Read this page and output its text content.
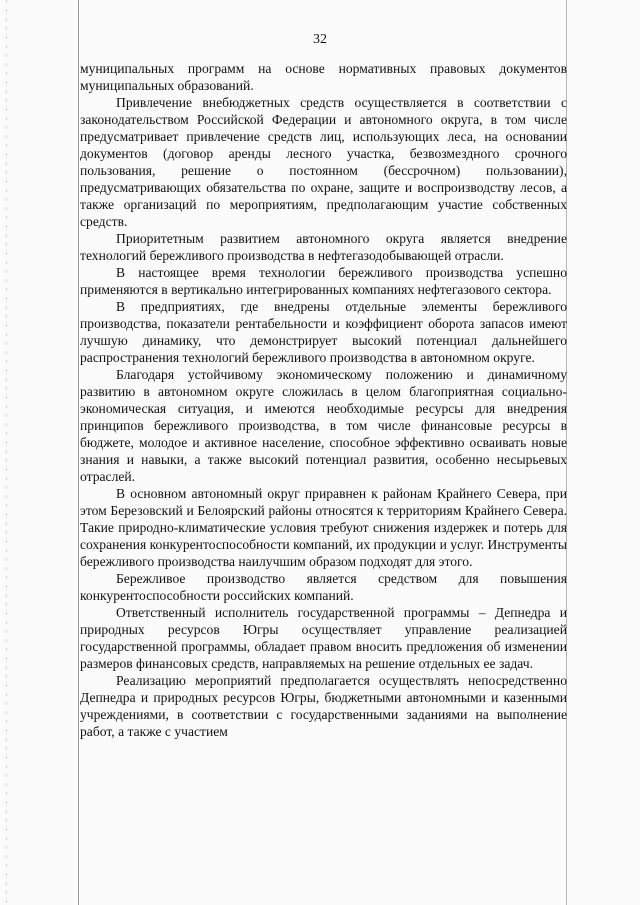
32

муниципальных программ на основе нормативных правовых документов муниципальных образований.

Привлечение внебюджетных средств осуществляется в соответствии с законодательством Российской Федерации и автономного округа, в том числе предусматривает привлечение средств лиц, использующих леса, на основании документов (договор аренды лесного участка, безвозмездного срочного пользования, решение о постоянном (бессрочном) пользовании), предусматривающих обязательства по охране, защите и воспроизводству лесов, а также организаций по мероприятиям, предполагающим участие собственных средств.

Приоритетным развитием автономного округа является внедрение технологий бережливого производства в нефтегазодобывающей отрасли.

В настоящее время технологии бережливого производства успешно применяются в вертикально интегрированных компаниях нефтегазового сектора.

В предприятиях, где внедрены отдельные элементы бережливого производства, показатели рентабельности и коэффициент оборота запасов имеют лучшую динамику, что демонстрирует высокий потенциал дальнейшего распространения технологий бережливого производства в автономном округе.

Благодаря устойчивому экономическому положению и динамичному развитию в автономном округе сложилась в целом благоприятная социально-экономическая ситуация, и имеются необходимые ресурсы для внедрения принципов бережливого производства, в том числе финансовые ресурсы в бюджете, молодое и активное население, способное эффективно осваивать новые знания и навыки, а также высокий потенциал развития, особенно несырьевых отраслей.

В основном автономный округ приравнен к районам Крайнего Севера, при этом Березовский и Белоярский районы относятся к территориям Крайнего Севера. Такие природно-климатические условия требуют снижения издержек и потерь для сохранения конкурентоспособности компаний, их продукции и услуг. Инструменты бережливого производства наилучшим образом подходят для этого.

Бережливое производство является средством для повышения конкурентоспособности российских компаний.

Ответственный исполнитель государственной программы – Депнедра и природных ресурсов Югры осуществляет управление реализацией государственной программы, обладает правом вносить предложения об изменении размеров финансовых средств, направляемых на решение отдельных ее задач.

Реализацию мероприятий предполагается осуществлять непосредственно Депнедра и природных ресурсов Югры, бюджетными автономными и казенными учреждениями, в соответствии с государственными заданиями на выполнение работ, а также с участием
